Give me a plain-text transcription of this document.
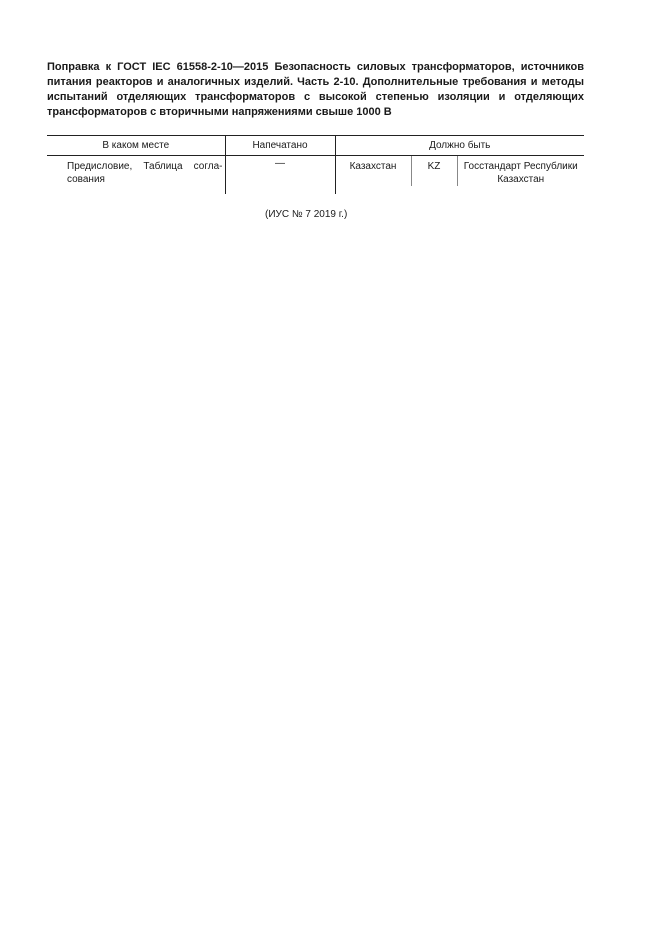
Поправка к ГОСТ IEC 61558-2-10—2015 Безопасность силовых трансформаторов, источников питания реакторов и аналогичных изделий. Часть 2-10. Дополнительные требования и методы испытаний отделяющих трансформаторов с высокой степенью изоляции и отделяющих трансформаторов с вторичными напряжениями свыше 1000 В
В каком месте	Напечатано	Должно быть
Предисловие, Таблица согла-сования	—		Казахстан	KZ	Госстандарт Республики Казахстан
(ИУС № 7 2019 г.)
